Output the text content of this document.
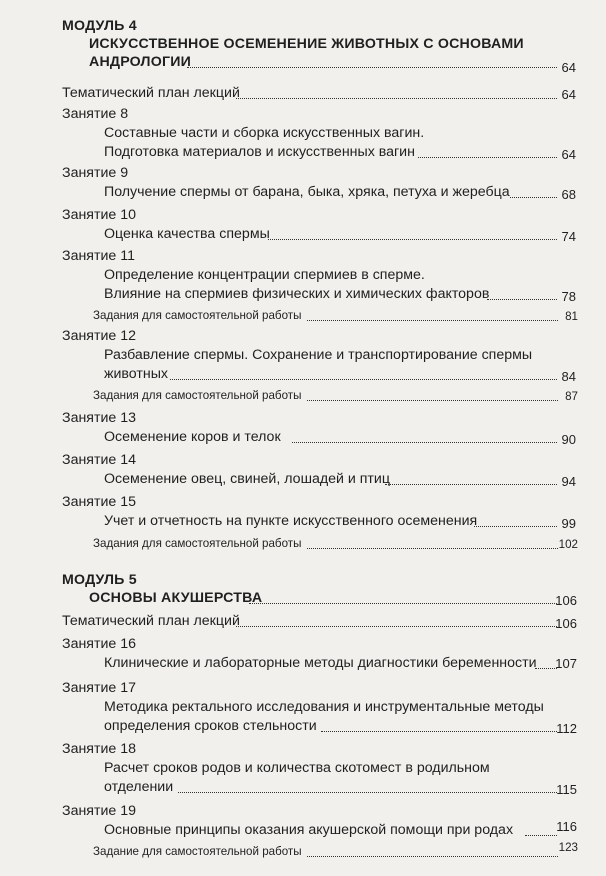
МОДУЛЬ 4
ИСКУССТВЕННОЕ ОСЕМЕНЕНИЕ ЖИВОТНЫХ С ОСНОВАМИ
АНДРОЛОГИИ	64
Тематический план лекций	64
Занятие 8
Составные части и сборка искусственных вагин.
Подготовка материалов и искусственных вагин	64
Занятие 9
Получение спермы от барана, быка, хряка, петуха и жеребца	68
Занятие 10
Оценка качества спермы	74
Занятие 11
Определение концентрации спермиев в сперме.
Влияние на спермиев физических и химических факторов	78
Задания для самостоятельной работы	81
Занятие 12
Разбавление спермы. Сохранение и транспортирование спермы
животных	84
Задания для самостоятельной работы	87
Занятие 13
Осеменение коров и телок	90
Занятие 14
Осеменение овец, свиней, лошадей и птиц	94
Занятие 15
Учет и отчетность на пункте искусственного осеменения	99
Задания для самостоятельной работы	102
МОДУЛЬ 5
ОСНОВЫ АКУШЕРСТВА	106
Тематический план лекций	106
Занятие 16
Клинические и лабораторные методы диагностики беременности	107
Занятие 17
Методика ректального исследования и инструментальные методы
определения сроков стельности	112
Занятие 18
Расчет сроков родов и количества скотомест в родильном
отделении	115
Занятие 19
Основные принципы оказания акушерской помощи при родах	116
Задание для самостоятельной работы	123
